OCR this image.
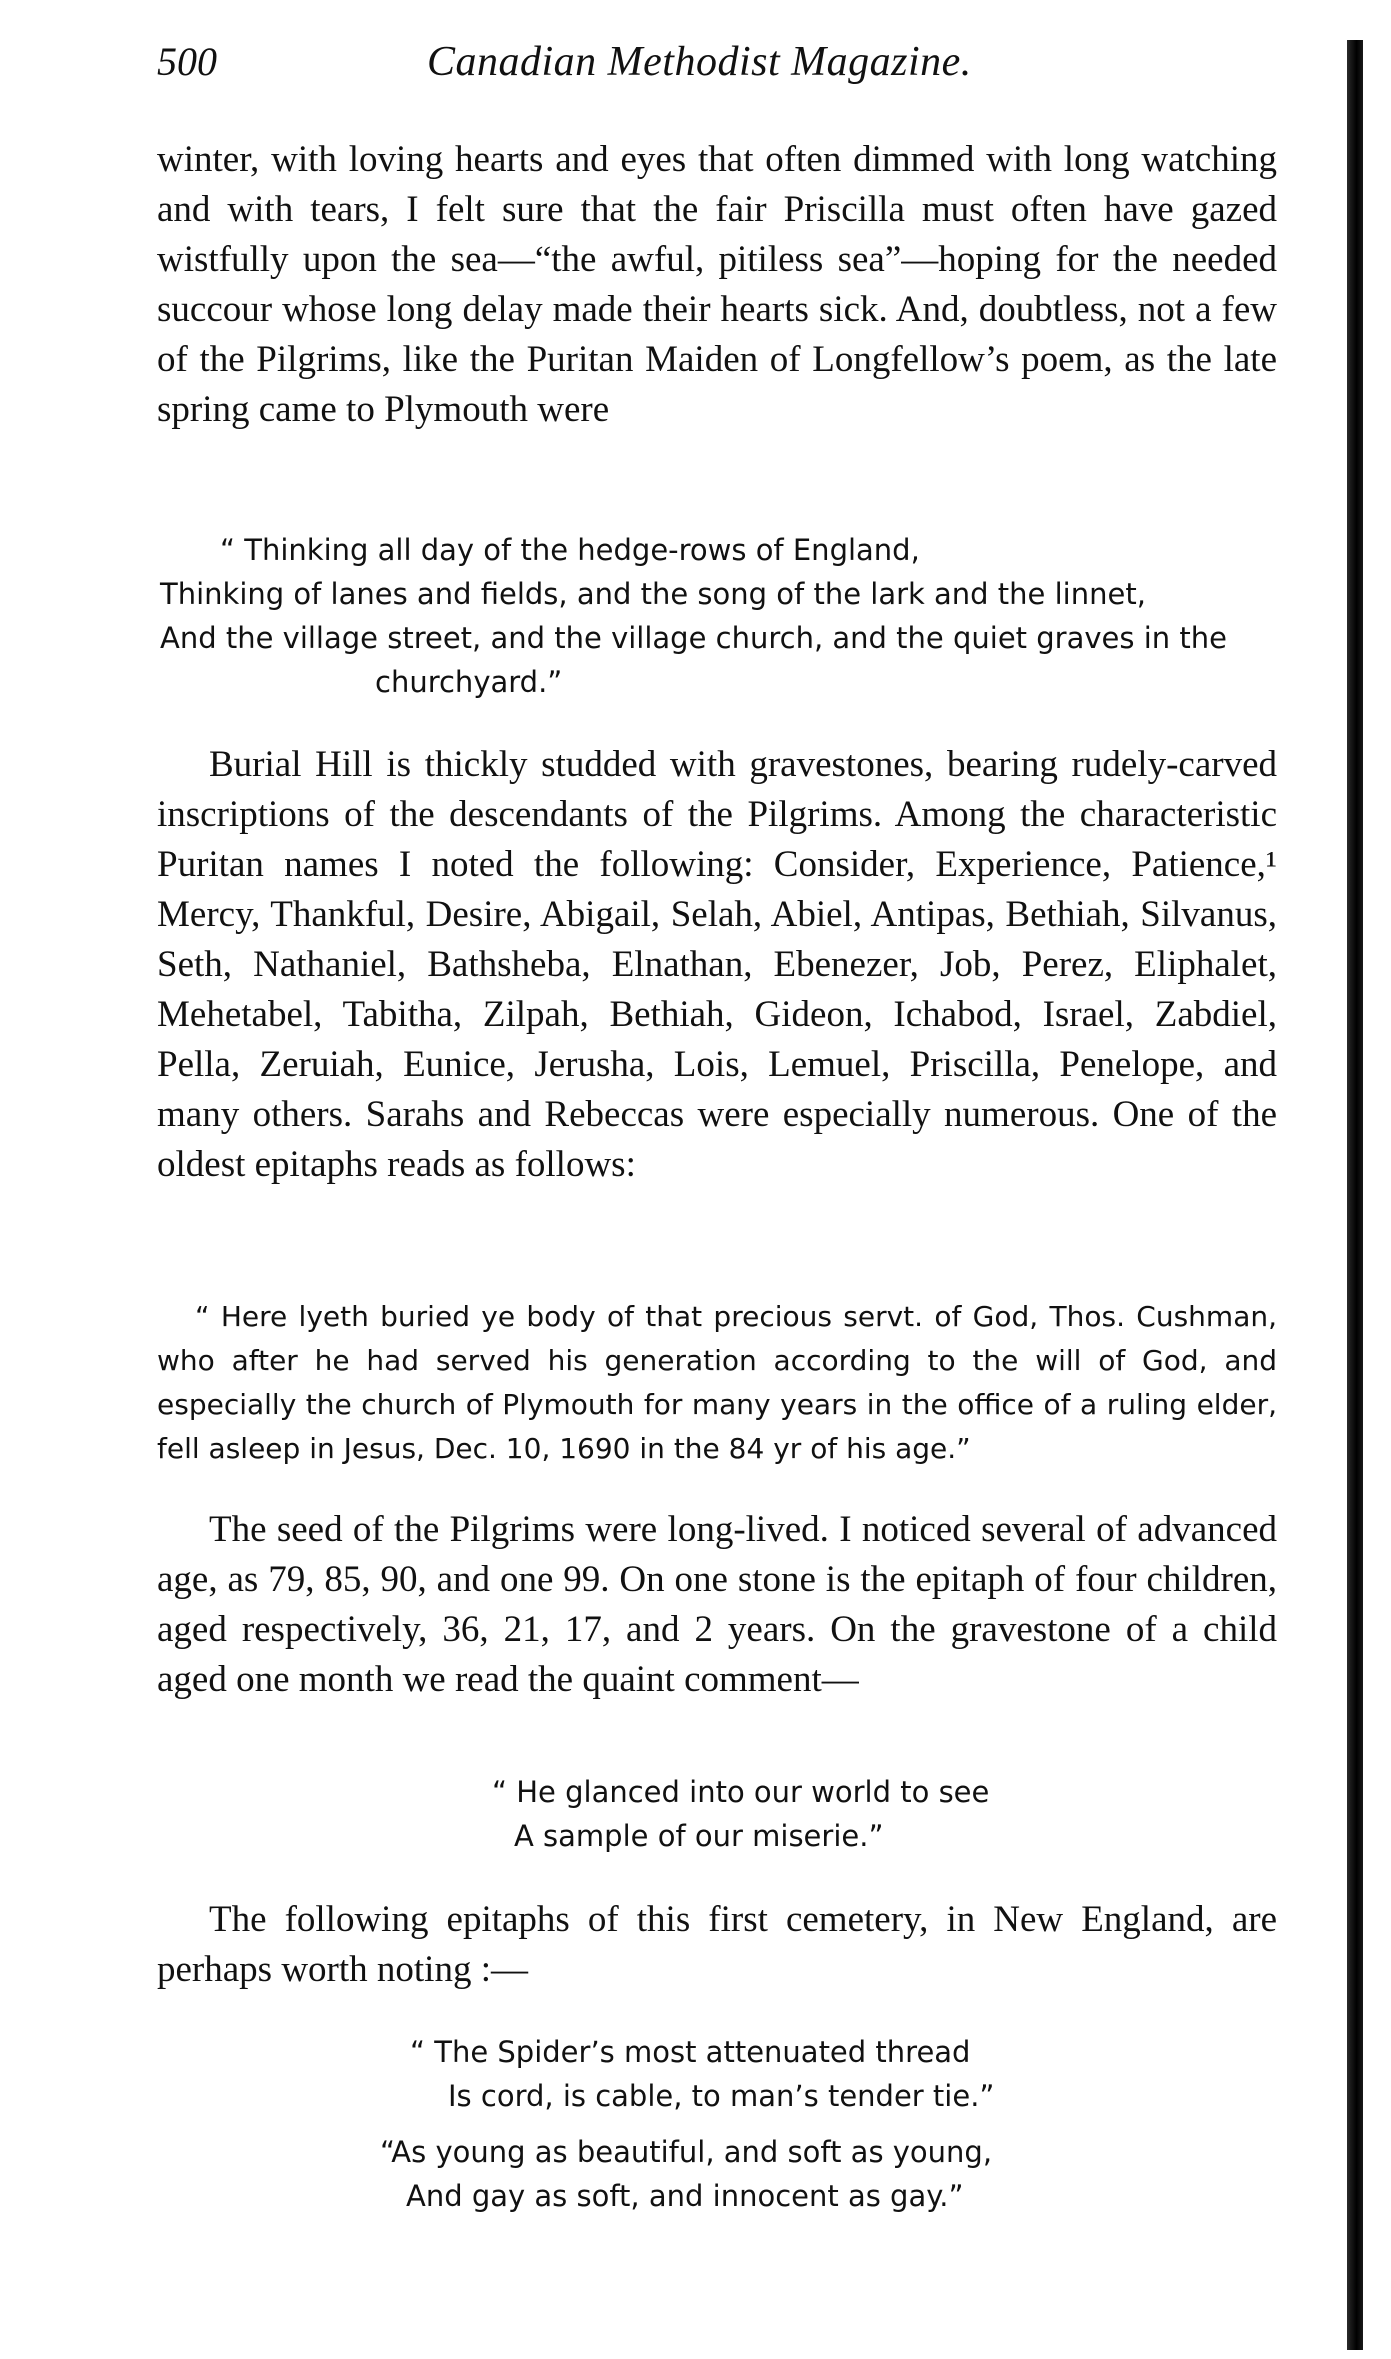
500	Canadian Methodist Magazine.

winter, with loving hearts and eyes that often dimmed with long watching and with tears, I felt sure that the fair Priscilla must often have gazed wistfully upon the sea—“the awful, pitiless sea”—hoping for the needed succour whose long delay made their hearts sick. And, doubtless, not a few of the Pilgrims, like the Puritan Maiden of Longfellow’s poem, as the late spring came to Plymouth were

“ Thinking all day of the hedge-rows of England,
Thinking of lanes and fields, and the song of the lark and the linnet,
And the village street, and the village church, and the quiet graves in the
churchyard.”

Burial Hill is thickly studded with gravestones, bearing rudely-carved inscriptions of the descendants of the Pilgrims. Among the characteristic Puritan names I noted the following: Consider, Experience, Patience,¹ Mercy, Thankful, Desire, Abigail, Selah, Abiel, Antipas, Bethiah, Silvanus, Seth, Nathaniel, Bathsheba, Elnathan, Ebenezer, Job, Perez, Eliphalet, Mehetabel, Tabitha, Zilpah, Bethiah, Gideon, Ichabod, Israel, Zabdiel, Pella, Zeruiah, Eunice, Jerusha, Lois, Lemuel, Priscilla, Penelope, and many others. Sarahs and Rebeccas were especially numerous. One of the oldest epitaphs reads as follows:

“ Here lyeth buried ye body of that precious servt. of God, Thos. Cushman, who after he had served his generation according to the will of God, and especially the church of Plymouth for many years in the office of a ruling elder, fell asleep in Jesus, Dec. 10, 1690 in the 84 yr of his age.”

The seed of the Pilgrims were long-lived. I noticed several of advanced age, as 79, 85, 90, and one 99. On one stone is the epitaph of four children, aged respectively, 36, 21, 17, and 2 years. On the gravestone of a child aged one month we read the quaint comment—

“ He glanced into our world to see
A sample of our miserie.”

The following epitaphs of this first cemetery, in New England, are perhaps worth noting :—

“ The Spider’s most attenuated thread
Is cord, is cable, to man’s tender tie.”
“As young as beautiful, and soft as young,
And gay as soft, and innocent as gay.”
